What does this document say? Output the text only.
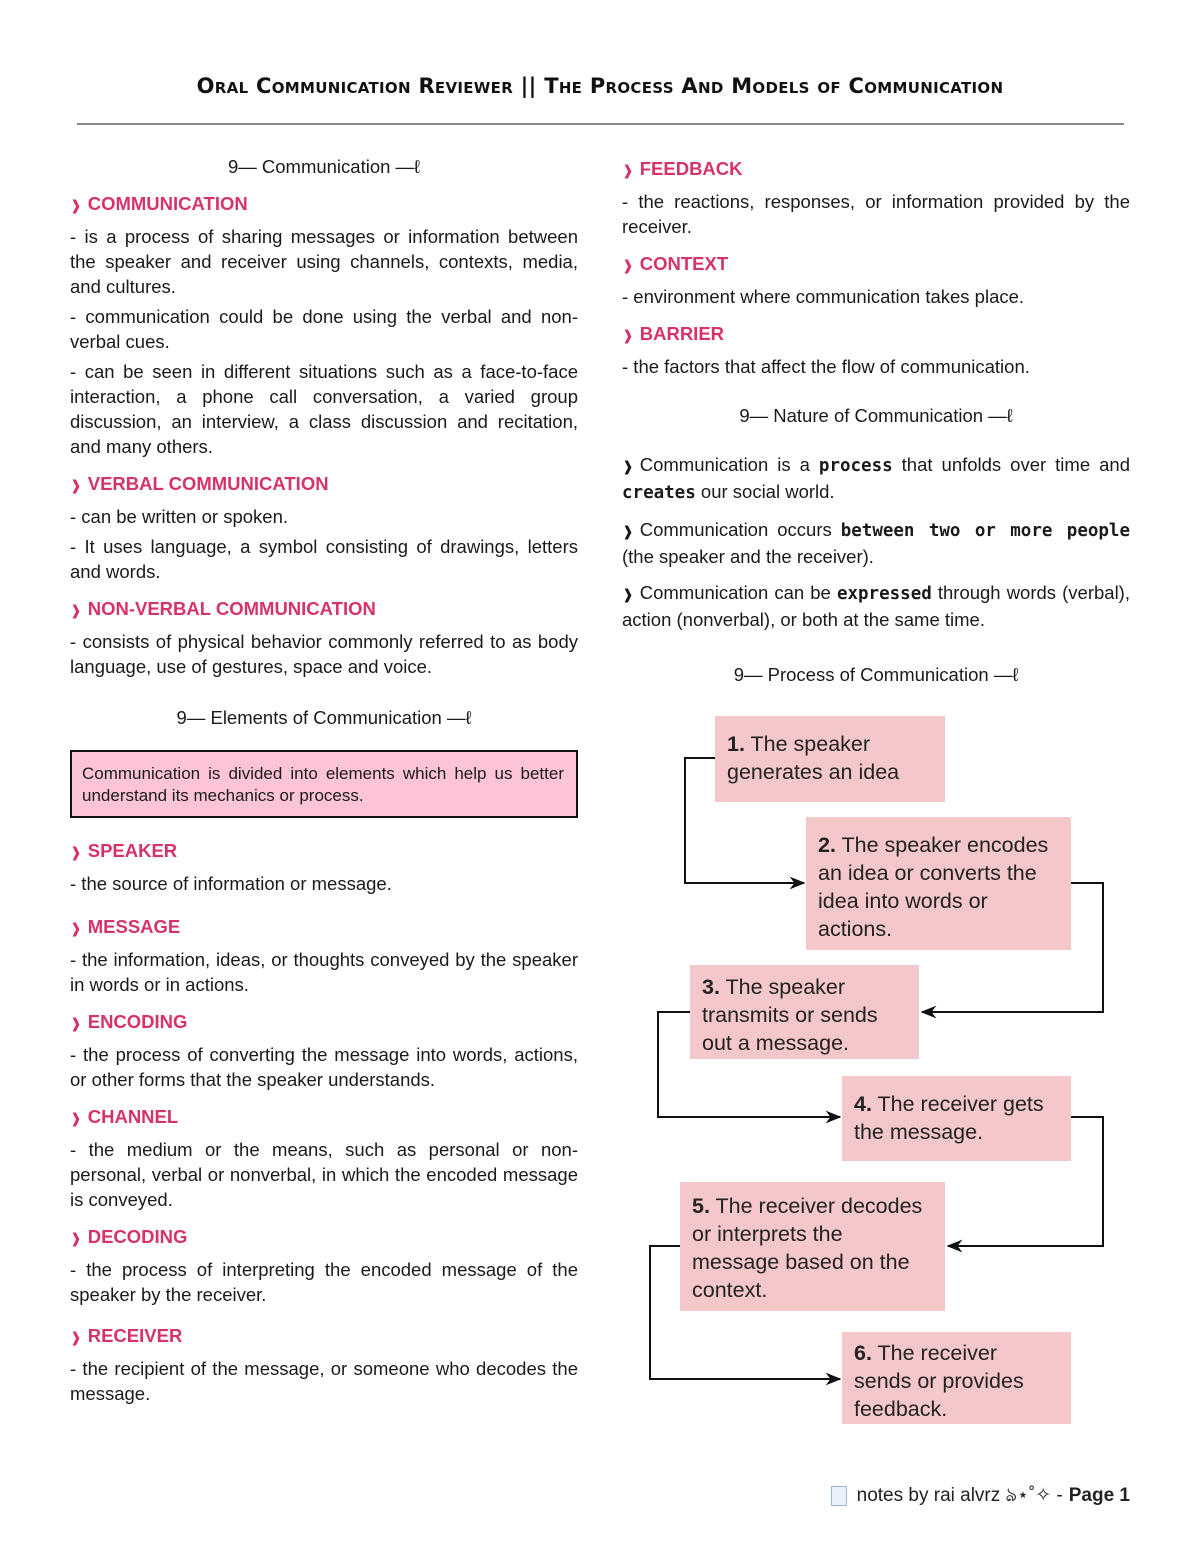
Oral Communication Reviewer || The Process And Models of Communication
9— Communication —ℓ
❱ COMMUNICATION
- is a process of sharing messages or information between the speaker and receiver using channels, contexts, media, and cultures.
- communication could be done using the verbal and non-verbal cues.
- can be seen in different situations such as a face-to-face interaction, a phone call conversation, a varied group discussion, an interview, a class discussion and recitation, and many others.
❱ VERBAL COMMUNICATION
- can be written or spoken.
- It uses language, a symbol consisting of drawings, letters and words.
❱ NON-VERBAL COMMUNICATION
- consists of physical behavior commonly referred to as body language, use of gestures, space and voice.
9— Elements of Communication —ℓ
Communication is divided into elements which help us better understand its mechanics or process.
❱ SPEAKER
- the source of information or message.
❱ MESSAGE
- the information, ideas, or thoughts conveyed by the speaker in words or in actions.
❱ ENCODING
- the process of converting the message into words, actions, or other forms that the speaker understands.
❱ CHANNEL
- the medium or the means, such as personal or non-personal, verbal or nonverbal, in which the encoded message is conveyed.
❱ DECODING
- the process of interpreting the encoded message of the speaker by the receiver.
❱ RECEIVER
- the recipient of the message, or someone who decodes the message.
❱ FEEDBACK
- the reactions, responses, or information provided by the receiver.
❱ CONTEXT
- environment where communication takes place.
❱ BARRIER
- the factors that affect the flow of communication.
9— Nature of Communication —ℓ
❱ Communication is a process that unfolds over time and creates our social world.
❱ Communication occurs between two or more people (the speaker and the receiver).
❱ Communication can be expressed through words (verbal), action (nonverbal), or both at the same time.
9— Process of Communication —ℓ
1. The speaker generates an idea
2. The speaker encodes an idea or converts the idea into words or actions.
3. The speaker transmits or sends out a message.
4. The receiver gets the message.
5. The receiver decodes or interprets the message based on the context.
6. The receiver sends or provides feedback.
notes by rai alvrz ঌ⋆˚✧ - Page 1
